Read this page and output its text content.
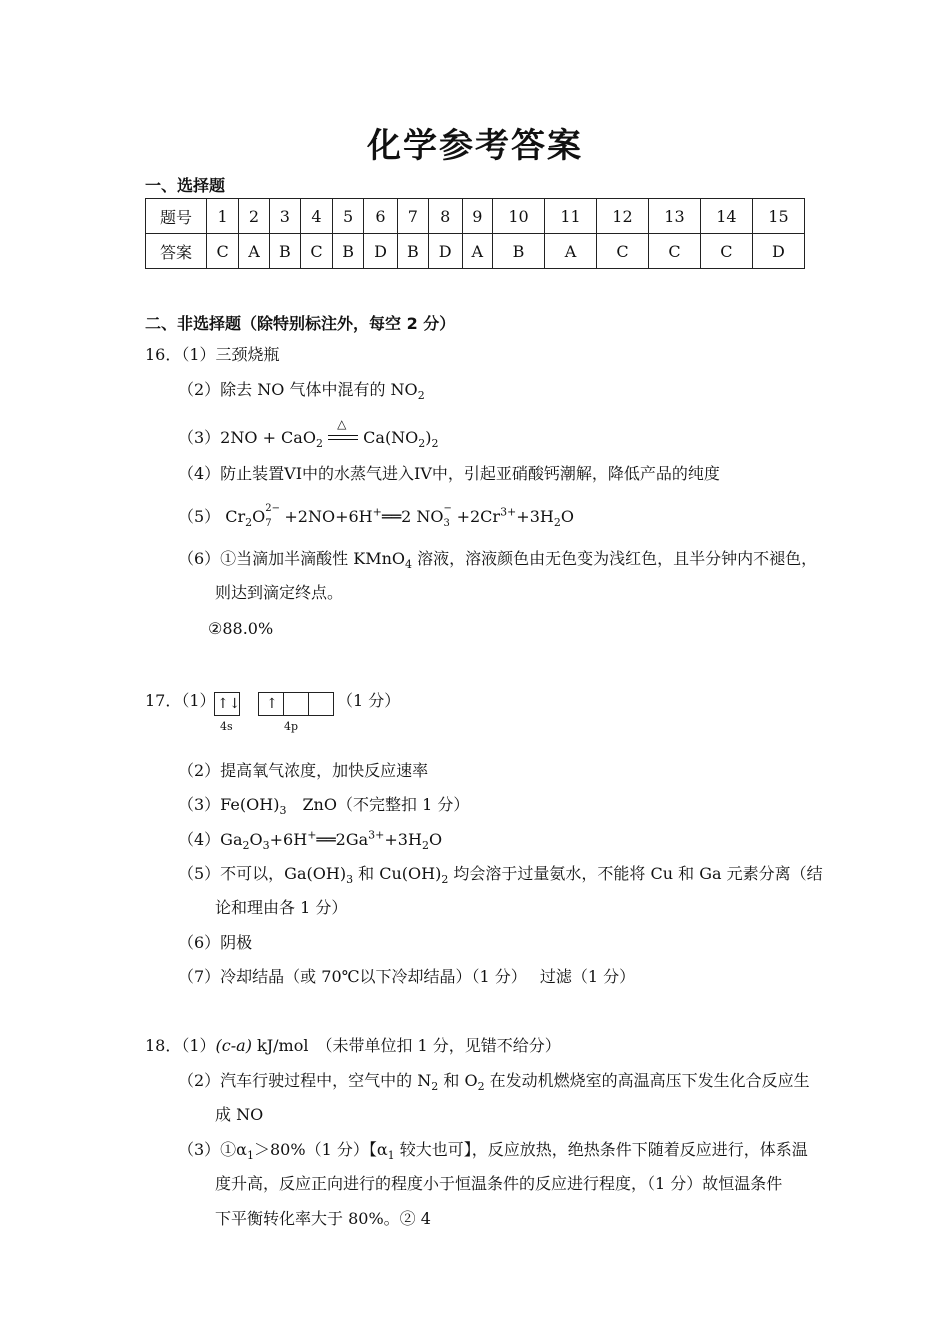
化学参考答案
一、选择题
题号	1	2	3	4	5	6	7	8	9	10	11	12	13	14	15
答案	C	A	B	C	B	D	B	D	A	B	A	C	C	C	D
二、非选择题（除特别标注外，每空 2 分）
16．（1）三颈烧瓶
（2）除去 NO 气体中混有的 $NO_2$
（3）2NO + CaO$_2$
△
$Ca(NO_2)_2$
（4）防止装置VI中的水蒸气进入IV中，引起亚硝酸钙潮解，降低产品的纯度
（5） $Cr_2O$ 2−
7 +2NO+6H+══2 NO −
$3 +2Cr^{3+}+3H_2O$
（6）①当滴加半滴酸性 KMnO$_4$ 溶液，溶液颜色由无色变为浅红色，且半分钟内不褪色，
则达到滴定终点。
②88.0%
17．（1） ↑↓ ↑
4s	4p
（1 分）
（2）提高氧气浓度，加快反应速率
$(3)Fe(OH)_3$　ZnO（不完整扣 1 分）
$(4)Ga_2O_3+6H^+══2Ga^{3+}+3H_2O$
（5）不可以，$Ga(OH)_3$ 和 $Cu(OH)_2$ 均会溶于过量氨水，不能将 Cu 和 Ga 元素分离（结
论和理由各 1 分）
（6）阴极
（7）冷却结晶（或 70℃以下冷却结晶）（1 分）　 过滤（1 分）
18．（1）(c-a) kJ/mol　（未带单位扣 1 分，见错不给分）
（2）汽车行驶过程中，空气中的 $N_2$ 和 $O_2$ 在发动机燃烧室的高温高压下发生化合反应生
成 NO
$(3)①\alpha_1>80\%(1$ 分）【$\alpha_1$ 较大也可】，反应放热，绝热条件下随着反应进行，体系温
度升高，反应正向进行的程度小于恒温条件的反应进行程度，（1 分）故恒温条件
下平衡转化率大于 80%。② 4
